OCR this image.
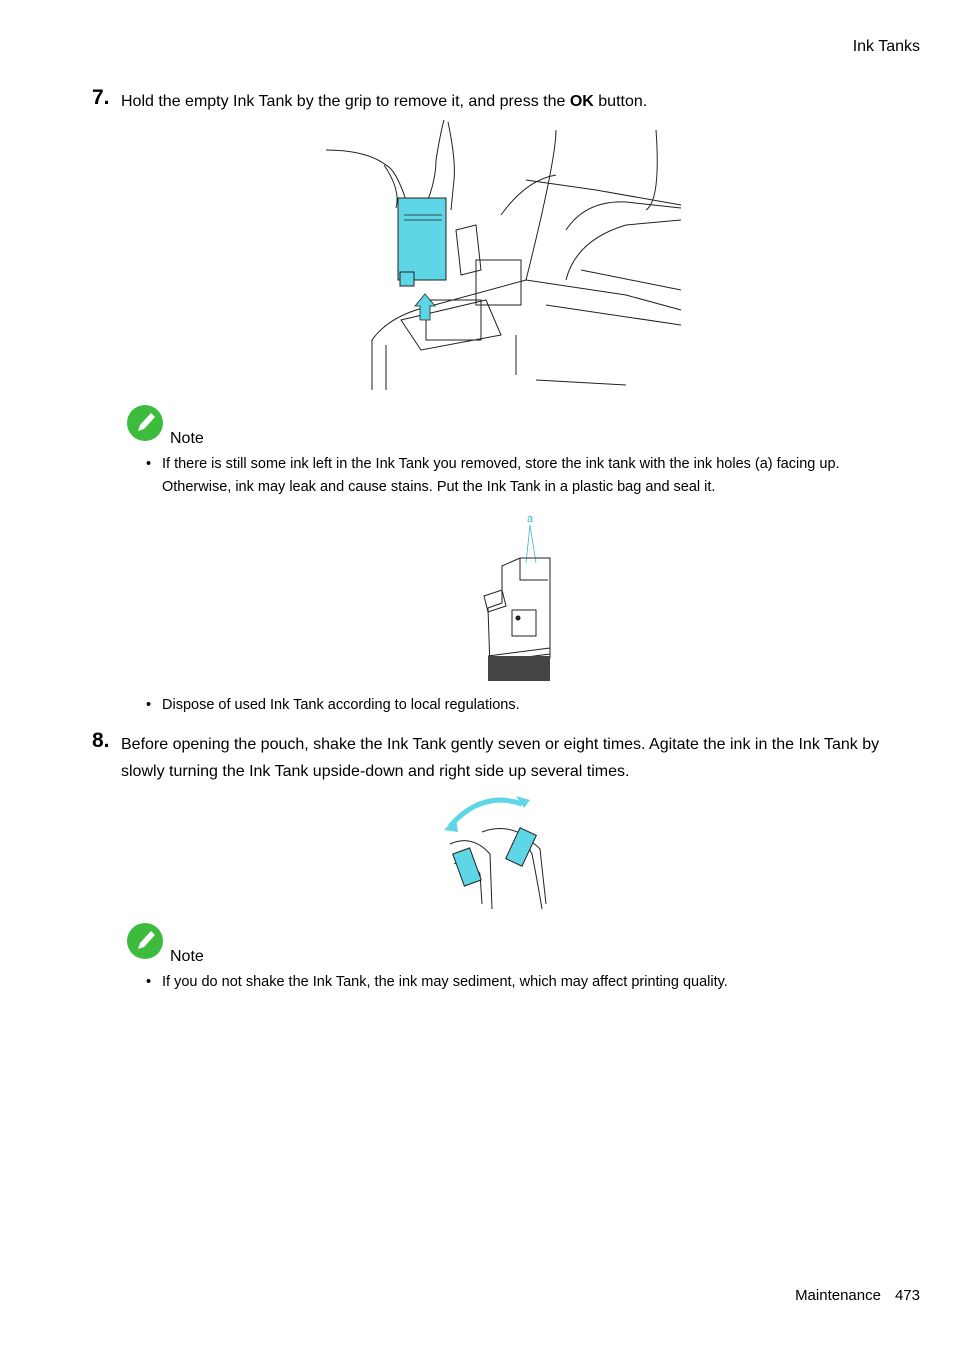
Ink Tanks
7. Hold the empty Ink Tank by the grip to remove it, and press the OK button.
Note
• If there is still some ink left in the Ink Tank you removed, store the ink tank with the ink holes (a) facing up. Otherwise, ink may leak and cause stains. Put the Ink Tank in a plastic bag and seal it.
a
• Dispose of used Ink Tank according to local regulations.
8. Before opening the pouch, shake the Ink Tank gently seven or eight times. Agitate the ink in the Ink Tank by slowly turning the Ink Tank upside-down and right side up several times.
Note
• If you do not shake the Ink Tank, the ink may sediment, which may affect printing quality.
Maintenance 473
